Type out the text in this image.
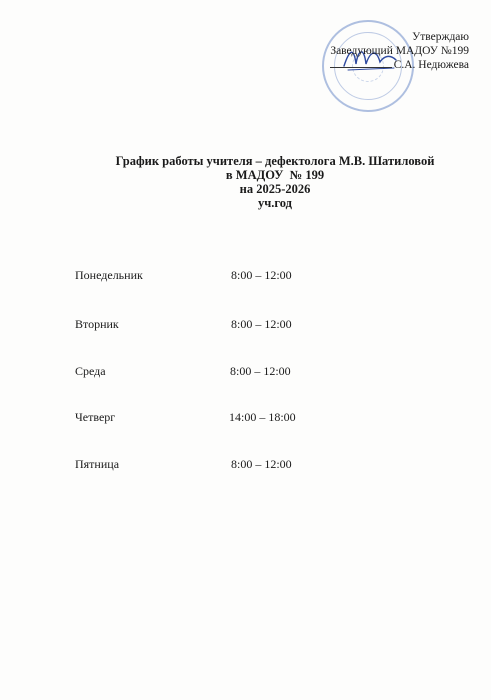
Утверждаю
Заведующий МАДОУ №199
С.А. Недюжева
График работы учителя – дефектолога М.В. Шатиловой
в МАДОУ  № 199
на 2025-2026
уч.год
Понедельник	8:00 – 12:00
Вторник	8:00 – 12:00
Среда	8:00 – 12:00
Четверг	14:00 – 18:00
Пятница	8:00 – 12:00
